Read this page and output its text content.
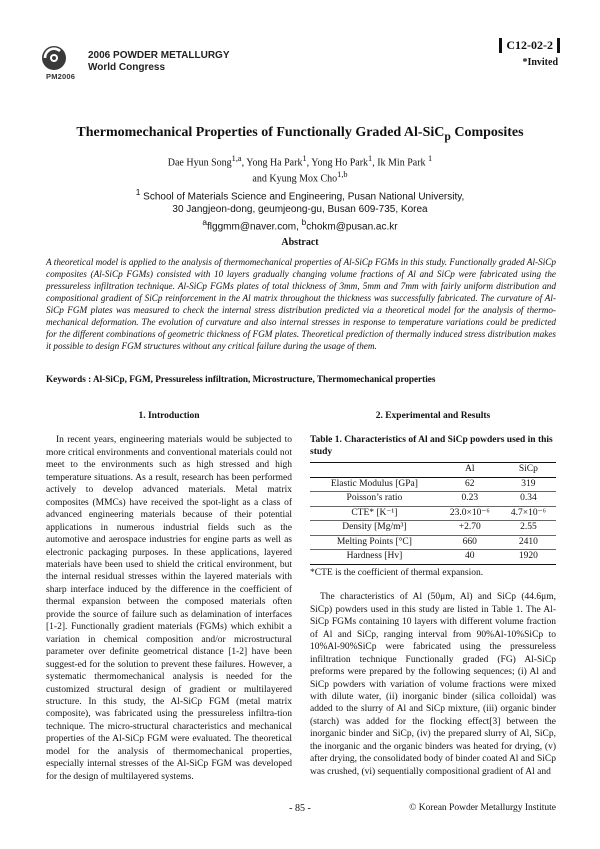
PM2006
2006 POWDER METALLURGY
World Congress
C12-02-2
*Invited
Thermomechanical Properties of Functionally Graded Al-SiC$_p$ Composites
Dae Hyun Song$^{1,a}$, Yong Ha Park$^1$, Yong Ho Park$^1$, Ik Min Park $^1$
and Kyung Mox Cho$^{1,b}$
$^1$ School of Materials Science and Engineering, Pusan National University,
30 Jangjeon-dong, geumjeong-gu, Busan 609-735, Korea
$^a$flggmm@naver.com, $^b$chokm@pusan.ac.kr
Abstract
A theoretical model is applied to the analysis of thermomechanical properties of Al-SiCp FGMs in this study. Functionally graded Al-SiCp composites (Al-SiCp FGMs) consisted with 10 layers gradually changing volume fractions of Al and SiCp were fabricated using the pressureless infiltration technique. Al-SiCp FGMs plates of total thickness of 3mm, 5mm and 7mm with fairly uniform distribution and compositional gradient of SiCp reinforcement in the Al matrix throughout the thickness was successfully fabricated. The curvature of Al-SiCp FGM plates was measured to check the internal stress distribution predicted via a theoretical model for the analysis of thermo-mechanical deformation. The evolution of curvature and also internal stresses in response to temperature variations could be predicted for the different combinations of geometric thickness of FGM plates. Theoretical prediction of thermally induced stress distribution makes it possible to design FGM structures without any critical failure during the usage of them.
Keywords : Al-SiCp, FGM, Pressureless infiltration, Microstructure, Thermomechanical properties
1. Introduction
In recent years, engineering materials would be subjected to more critical environments and conventional materials could not meet to the environments such as high stressed and high temperature situations. As a result, research has been performed actively to develop advanced materials. Metal matrix composites (MMCs) have received the spot-light as a class of advanced engineering materials because of their potential applications in numerous industrial fields such as the automotive and aerospace industries for engine parts as well as electronic packaging purposes. In these applications, layered materials have been used to shield the critical environment, but the internal residual stresses within the layered materials with sharp interface induced by the difference in the coefficient of thermal expansion between the composed materials often provide the source of failure such as delamination of interfaces [1-2]. Functionally gradient materials (FGMs) which exhibit a variation in chemical composition and/or microstructural parameter over definite geometrical distance [1-2] have been suggest-ed for the solution to prevent these failures. However, a systematic thermomechanical analysis is needed for the customized structural design of gradient or multilayered structure. In this study, the Al-SiCp FGM (metal matrix composite), was fabricated using the pressureless infiltra-tion technique. The micro-structural characteristics and mechanical properties of the Al-SiCp FGM were evaluated. The theoretical model for the analysis of thermomechanical properties, especially internal stresses of the Al-SiCp FGM was developed for the design of multilayered systems.
2. Experimental and Results
Table 1. Characteristics of Al and SiCp powders used in this study
	Al	SiCp
Elastic Modulus [GPa]	62	319
Poisson’s ratio	0.23	0.34
CTE* [K⁻¹]	23.0×10⁻⁶	4.7×10⁻⁶
Density [Mg/m³]	+2.70	2.55
Melting Points [°C]	660	2410
Hardness [Hv]	40	1920
*CTE is the coefficient of thermal expansion.
The characteristics of Al (50μm, Al) and SiCp (44.6μm, SiCp) powders used in this study are listed in Table 1. The Al-SiCp FGMs containing 10 layers with different volume fraction of Al and SiCp, ranging interval from 90%Al-10%SiCp to 10%Al-90%SiCp were fabricated using the pressureless infiltration technique Functionally graded (FG) Al-SiCp preforms were prepared by the following sequences; (i) Al and SiCp powders with variation of volume fractions were mixed with dilute water, (ii) inorganic binder (silica colloidal) was added to the slurry of Al and SiCp mixture, (iii) organic binder (starch) was added for the flocking effect[3] between the inorganic binder and SiCp, (iv) the prepared slurry of Al, SiCp, the inorganic and the organic binders was heated for drying, (v) after drying, the consolidated body of binder coated Al and SiCp was crushed, (vi) sequentially compositional gradient of Al and
- 85 -	© Korean Powder Metallurgy Institute
